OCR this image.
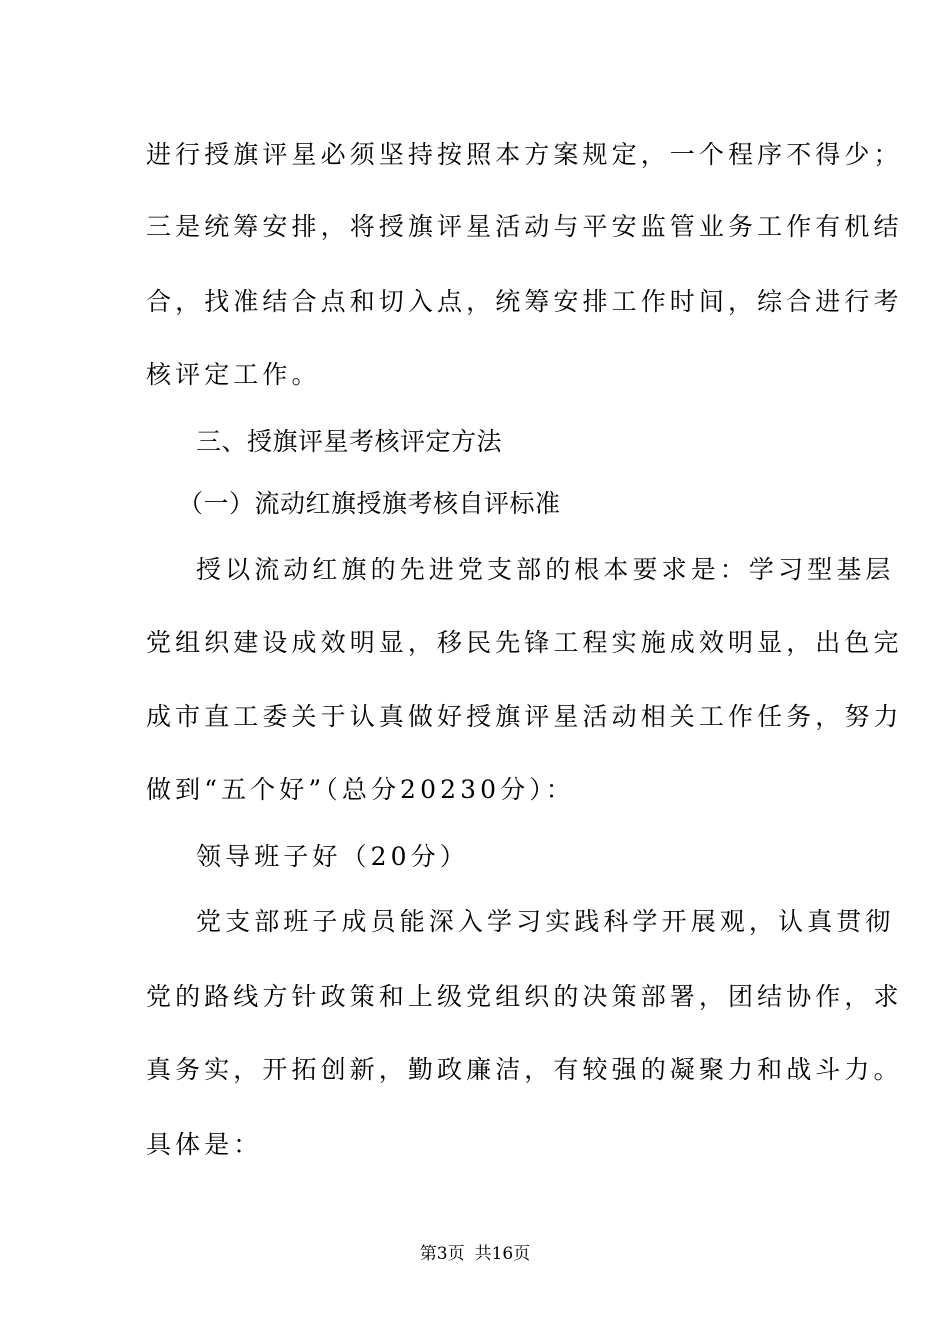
进行授旗评星必须坚持按照本方案规定，一个程序不得少；
三是统筹安排，将授旗评星活动与平安监管业务工作有机结
合，找准结合点和切入点，统筹安排工作时间，综合进行考
核评定工作。
三、授旗评星考核评定方法
（一）流动红旗授旗考核自评标准
授以流动红旗的先进党支部的根本要求是：学习型基层
党组织建设成效明显，移民先锋工程实施成效明显，出色完
成市直工委关于认真做好授旗评星活动相关工作任务，努力
做到“五个好”（总分20230分）：
领导班子好（20分）
党支部班子成员能深入学习实践科学开展观，认真贯彻
党的路线方针政策和上级党组织的决策部署，团结协作，求
真务实，开拓创新，勤政廉洁，有较强的凝聚力和战斗力。
具体是：
第3页 共16页
